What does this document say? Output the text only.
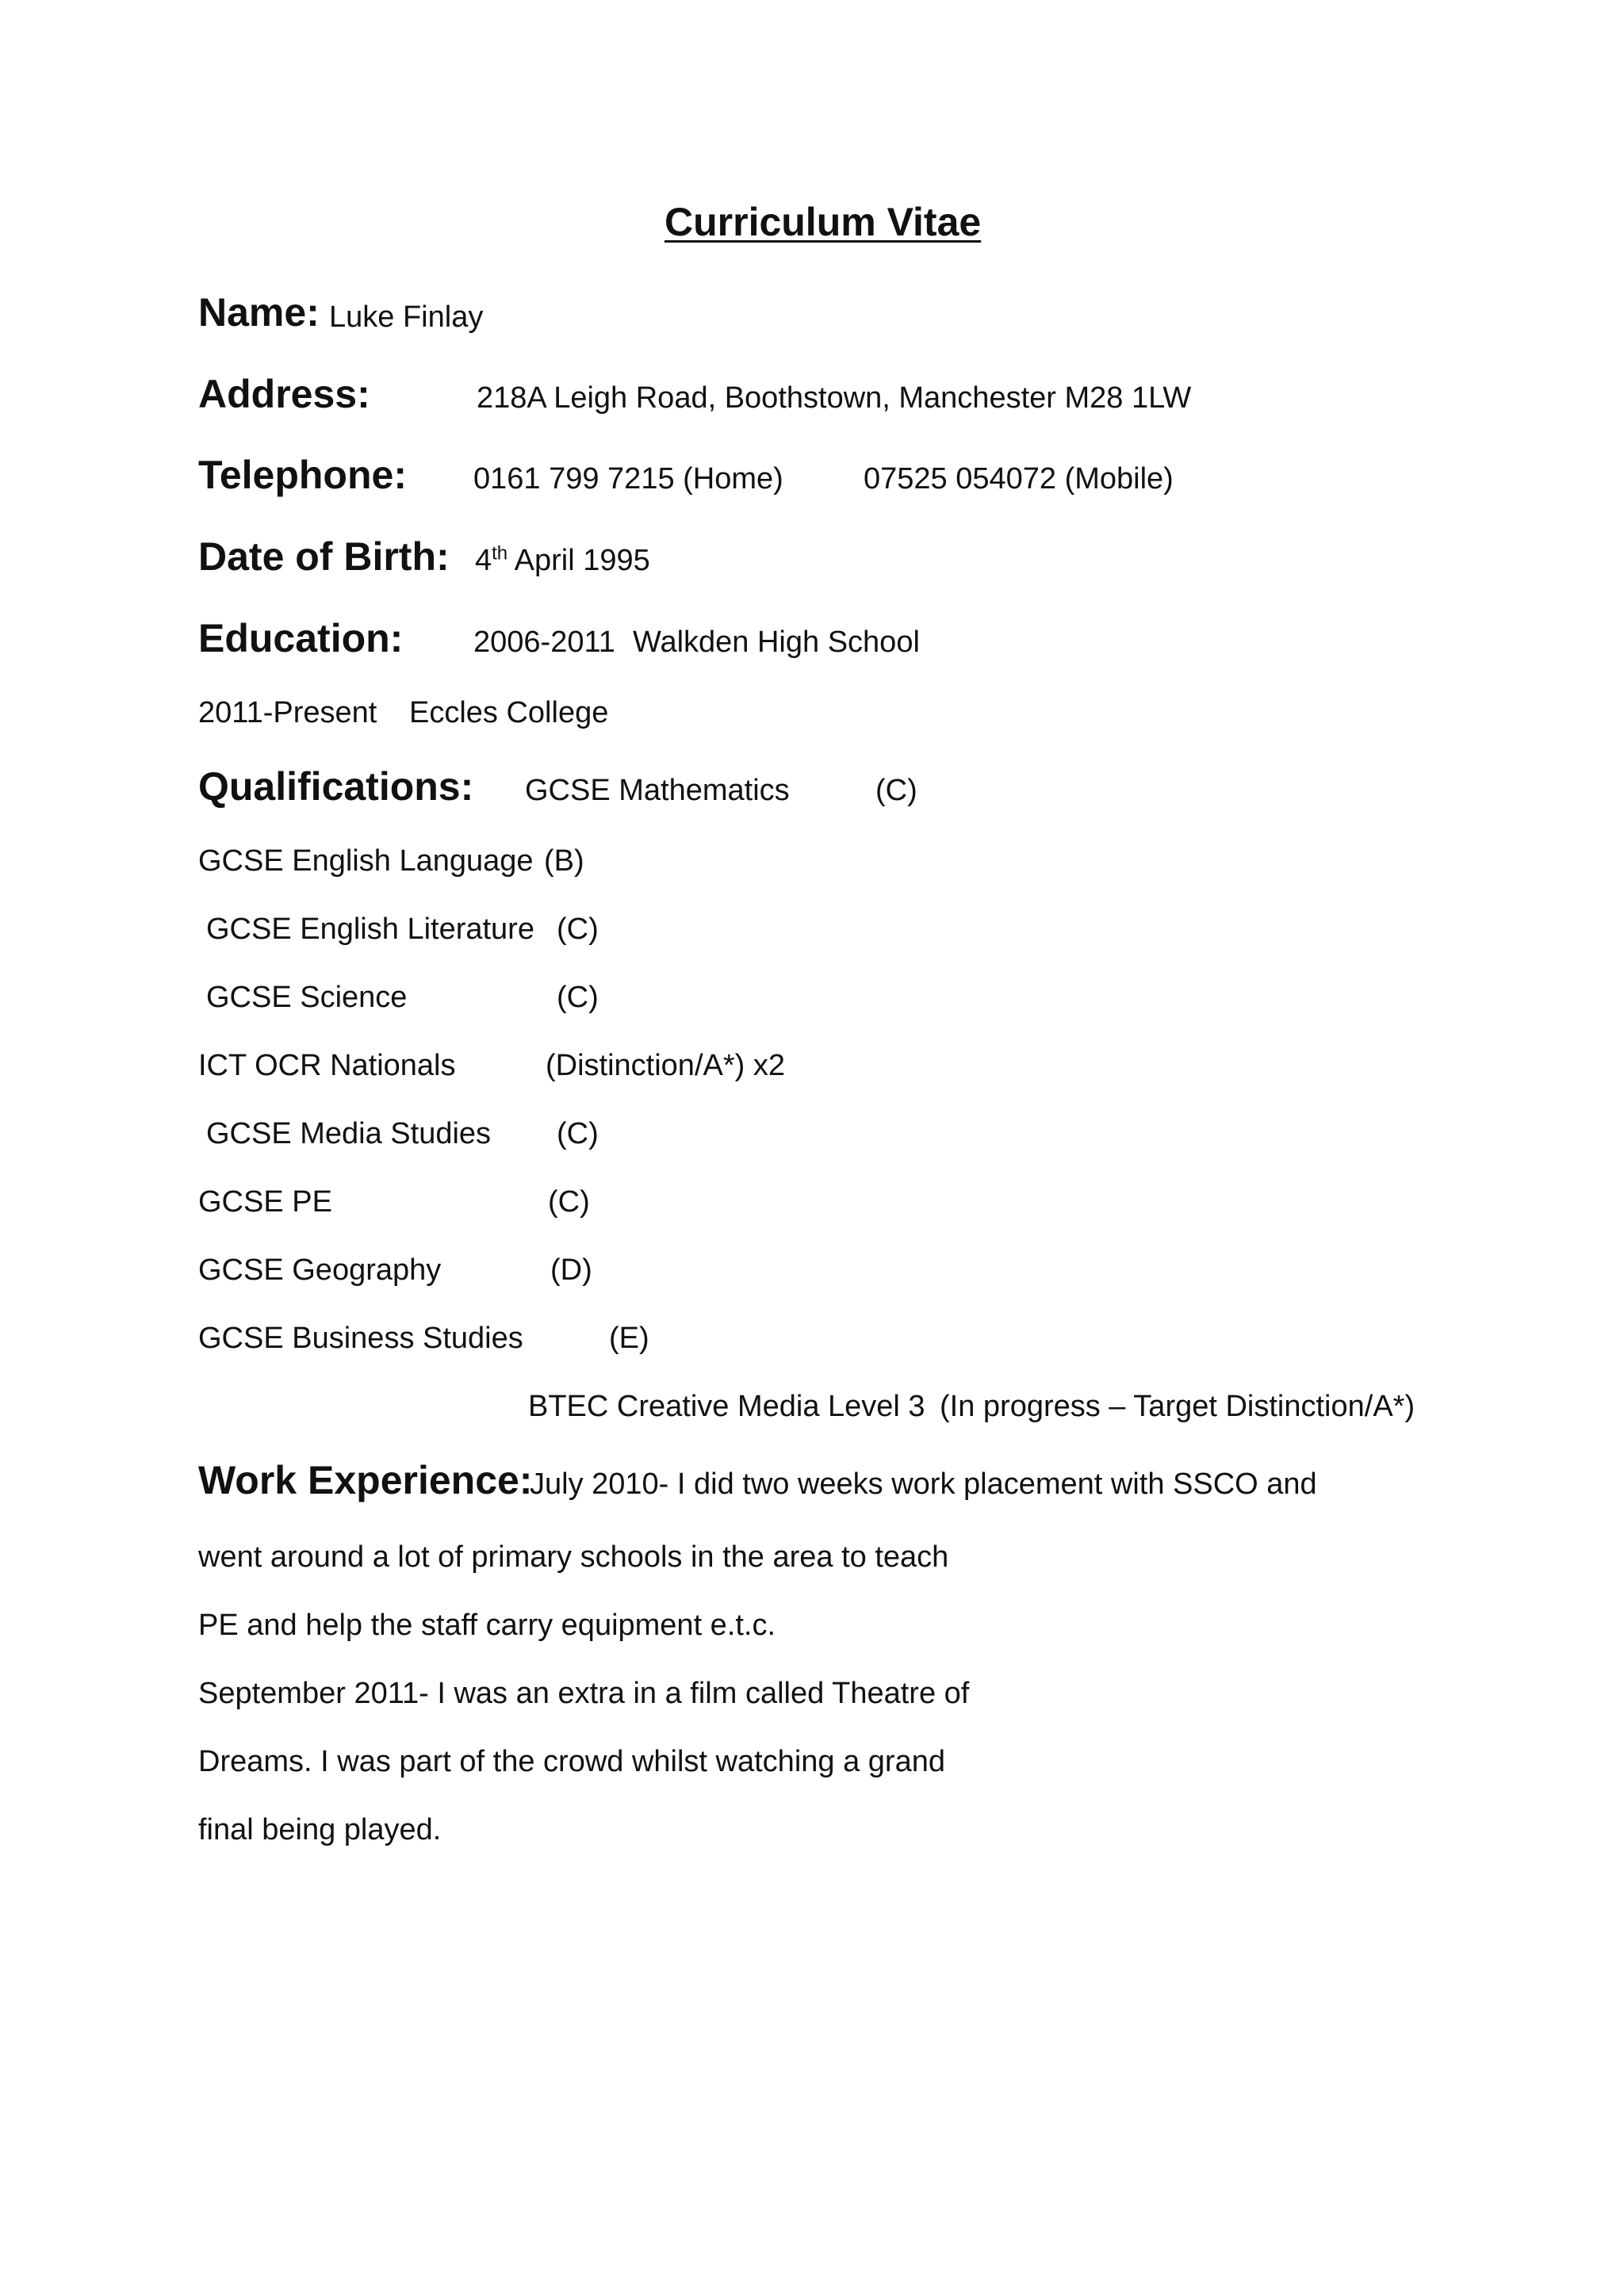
Curriculum Vitae
Name: Luke Finlay
Address:	218A Leigh Road, Boothstown, Manchester M28 1LW
Telephone: 0161 799 7215 (Home)	07525 054072 (Mobile)
Date of Birth: 4th April 1995
Education: 2006-2011 Walkden High School
2011-Present Eccles College
Qualifications: GCSE Mathematics	(C)
GCSE English Language (B)
GCSE English Literature (C)
GCSE Science	(C)
ICT OCR Nationals	(Distinction/A*) x2
GCSE Media Studies (C)
GCSE PE	(C)
GCSE Geography	(D)
GCSE Business Studies	(E)
BTEC Creative Media Level 3 (In progress – Target Distinction/A*)
Work Experience:
July 2010- I did two weeks work placement with SSCO and
went around a lot of primary schools in the area to teach
PE and help the staff carry equipment e.t.c.
September 2011- I was an extra in a film called Theatre of
Dreams. I was part of the crowd whilst watching a grand
final being played.
